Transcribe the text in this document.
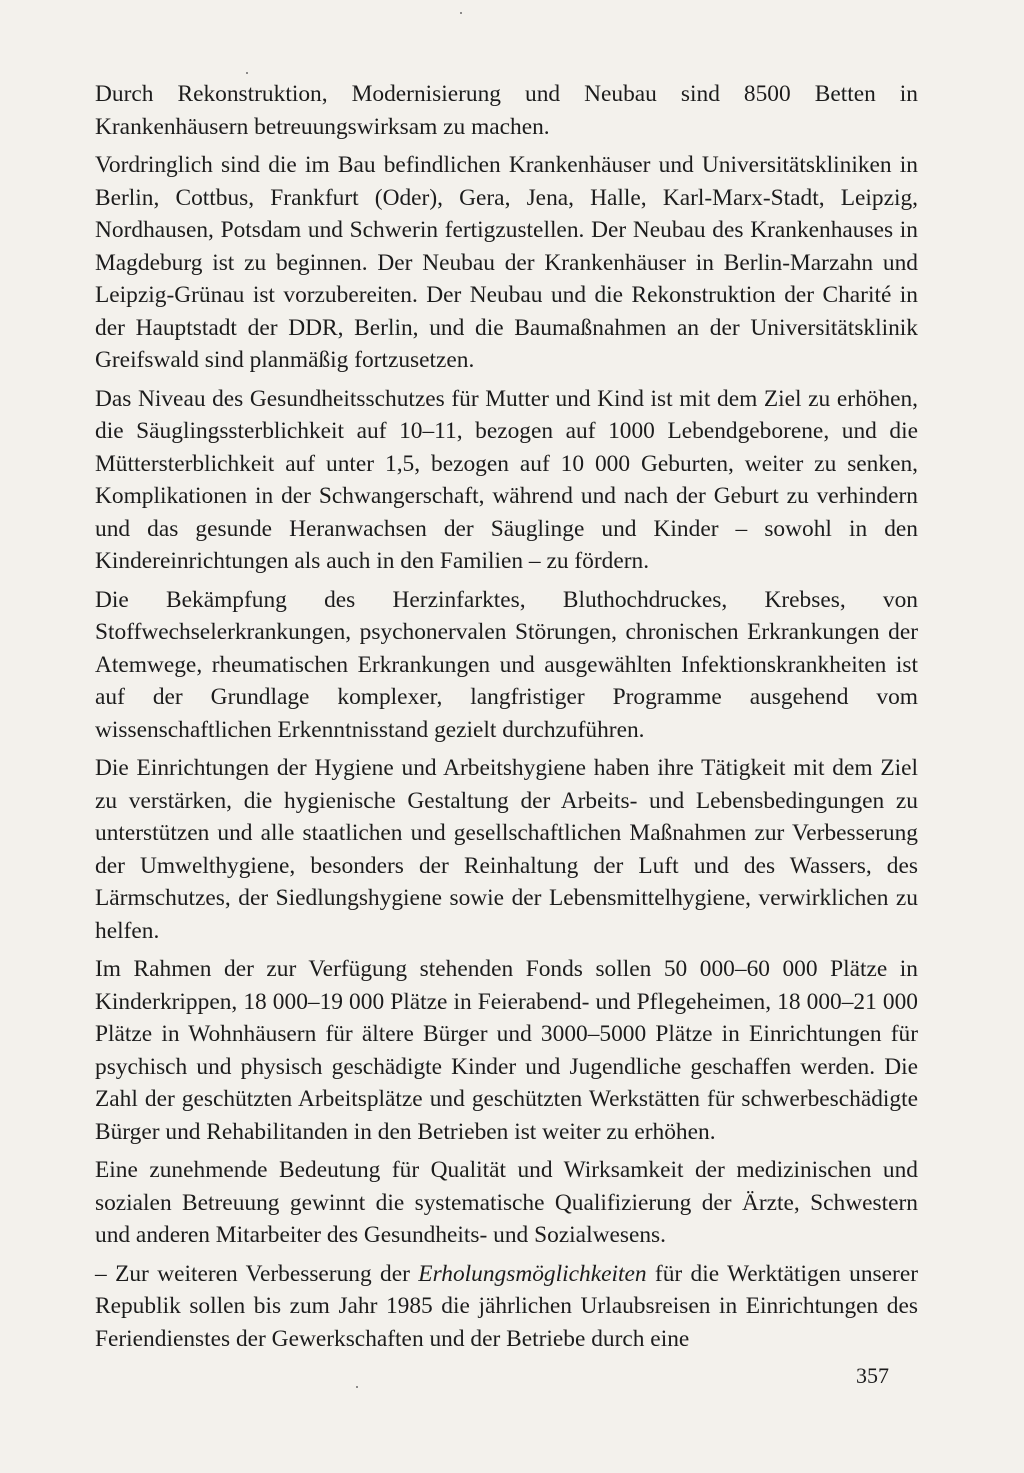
Durch Rekonstruktion, Modernisierung und Neubau sind 8500 Betten in Krankenhäusern betreuungswirksam zu machen.

Vordringlich sind die im Bau befindlichen Krankenhäuser und Universitätskliniken in Berlin, Cottbus, Frankfurt (Oder), Gera, Jena, Halle, Karl-Marx-Stadt, Leipzig, Nordhausen, Potsdam und Schwerin fertigzustellen. Der Neubau des Krankenhauses in Magdeburg ist zu beginnen. Der Neubau der Krankenhäuser in Berlin-Marzahn und Leipzig-Grünau ist vorzubereiten. Der Neubau und die Rekonstruktion der Charité in der Hauptstadt der DDR, Berlin, und die Baumaßnahmen an der Universitätsklinik Greifswald sind planmäßig fortzusetzen.

Das Niveau des Gesundheitsschutzes für Mutter und Kind ist mit dem Ziel zu erhöhen, die Säuglingssterblichkeit auf 10–11, bezogen auf 1000 Lebendgeborene, und die Müttersterblichkeit auf unter 1,5, bezogen auf 10 000 Geburten, weiter zu senken, Komplikationen in der Schwangerschaft, während und nach der Geburt zu verhindern und das gesunde Heranwachsen der Säuglinge und Kinder – sowohl in den Kindereinrichtungen als auch in den Familien – zu fördern.

Die Bekämpfung des Herzinfarktes, Bluthochdruckes, Krebses, von Stoffwechselerkrankungen, psychonervalen Störungen, chronischen Erkrankungen der Atemwege, rheumatischen Erkrankungen und ausgewählten Infektionskrankheiten ist auf der Grundlage komplexer, langfristiger Programme ausgehend vom wissenschaftlichen Erkenntnisstand gezielt durchzuführen.

Die Einrichtungen der Hygiene und Arbeitshygiene haben ihre Tätigkeit mit dem Ziel zu verstärken, die hygienische Gestaltung der Arbeits- und Lebensbedingungen zu unterstützen und alle staatlichen und gesellschaftlichen Maßnahmen zur Verbesserung der Umwelthygiene, besonders der Reinhaltung der Luft und des Wassers, des Lärmschutzes, der Siedlungshygiene sowie der Lebensmittelhygiene, verwirklichen zu helfen.

Im Rahmen der zur Verfügung stehenden Fonds sollen 50 000–60 000 Plätze in Kinderkrippen, 18 000–19 000 Plätze in Feierabend- und Pflegeheimen, 18 000–21 000 Plätze in Wohnhäusern für ältere Bürger und 3000–5000 Plätze in Einrichtungen für psychisch und physisch geschädigte Kinder und Jugendliche geschaffen werden. Die Zahl der geschützten Arbeitsplätze und geschützten Werkstätten für schwerbeschädigte Bürger und Rehabilitanden in den Betrieben ist weiter zu erhöhen.

Eine zunehmende Bedeutung für Qualität und Wirksamkeit der medizinischen und sozialen Betreuung gewinnt die systematische Qualifizierung der Ärzte, Schwestern und anderen Mitarbeiter des Gesundheits- und Sozialwesens.

– Zur weiteren Verbesserung der Erholungsmöglichkeiten für die Werktätigen unserer Republik sollen bis zum Jahr 1985 die jährlichen Urlaubsreisen in Einrichtungen des Feriendienstes der Gewerkschaften und der Betriebe durch eine

357
